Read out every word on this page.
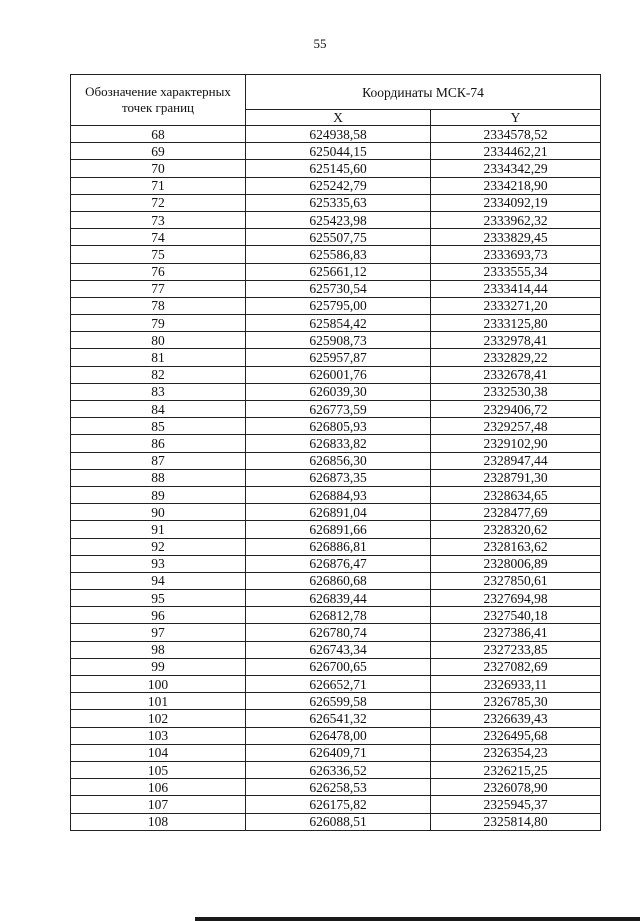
55
Обозначение характерных точек границ	Координаты МСК-74	
	X	Y
68	624938,58	2334578,52
69	625044,15	2334462,21
70	625145,60	2334342,29
71	625242,79	2334218,90
72	625335,63	2334092,19
73	625423,98	2333962,32
74	625507,75	2333829,45
75	625586,83	2333693,73
76	625661,12	2333555,34
77	625730,54	2333414,44
78	625795,00	2333271,20
79	625854,42	2333125,80
80	625908,73	2332978,41
81	625957,87	2332829,22
82	626001,76	2332678,41
83	626039,30	2332530,38
84	626773,59	2329406,72
85	626805,93	2329257,48
86	626833,82	2329102,90
87	626856,30	2328947,44
88	626873,35	2328791,30
89	626884,93	2328634,65
90	626891,04	2328477,69
91	626891,66	2328320,62
92	626886,81	2328163,62
93	626876,47	2328006,89
94	626860,68	2327850,61
95	626839,44	2327694,98
96	626812,78	2327540,18
97	626780,74	2327386,41
98	626743,34	2327233,85
99	626700,65	2327082,69
100	626652,71	2326933,11
101	626599,58	2326785,30
102	626541,32	2326639,43
103	626478,00	2326495,68
104	626409,71	2326354,23
105	626336,52	2326215,25
106	626258,53	2326078,90
107	626175,82	2325945,37
108	626088,51	2325814,80
